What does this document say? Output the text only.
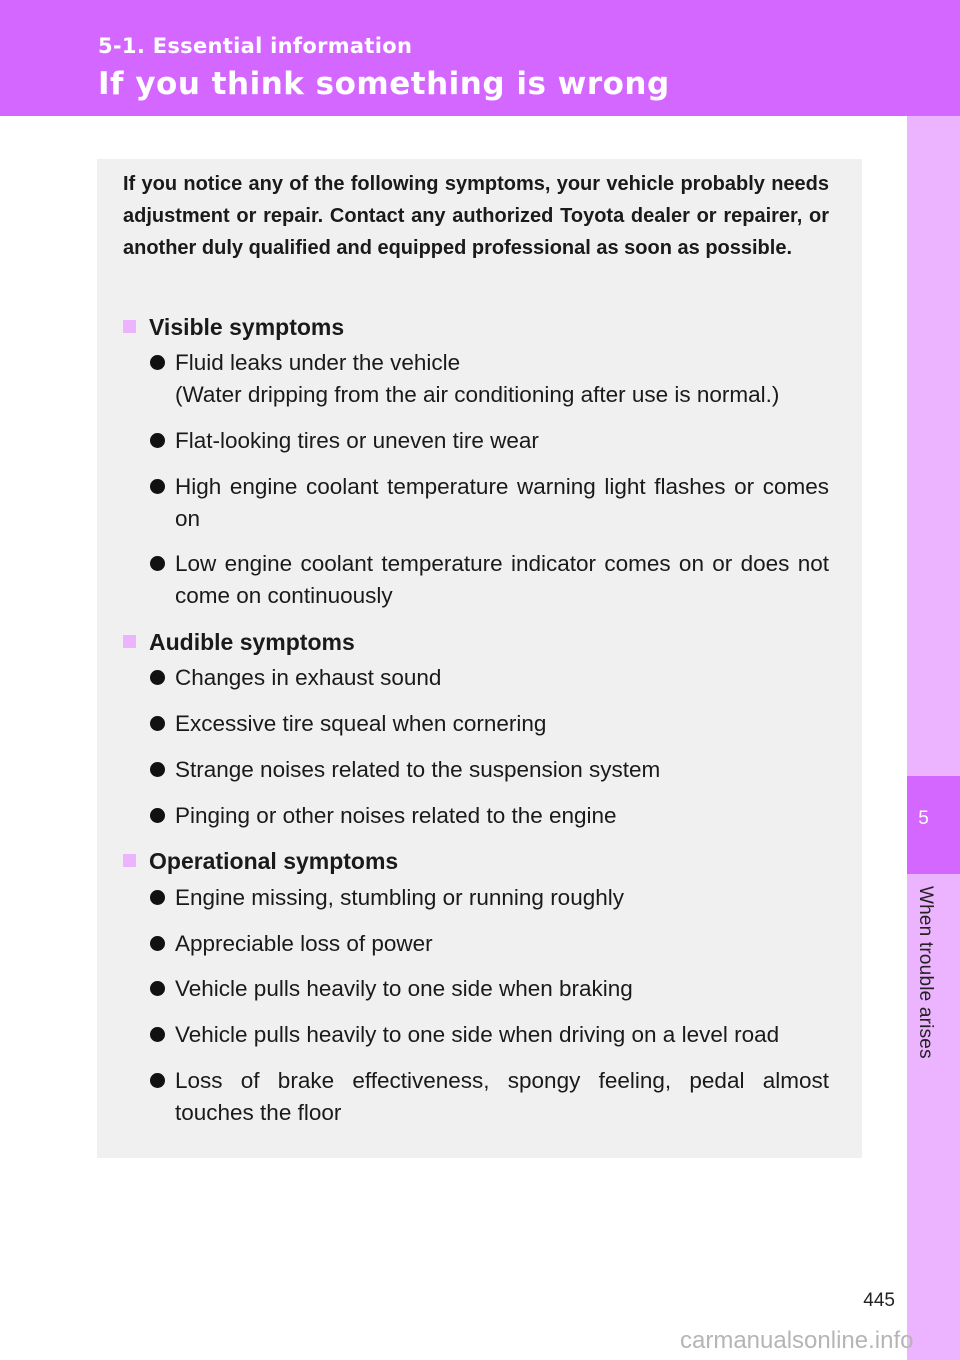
5-1. Essential information
If you think something is wrong
5
When trouble arises
If you notice any of the following symptoms, your vehicle probably needs adjustment or repair. Contact any authorized Toyota dealer or repairer, or another duly qualified and equipped professional as soon as possible.
Visible symptoms
Fluid leaks under the vehicle
(Water dripping from the air conditioning after use is normal.)
Flat-looking tires or uneven tire wear
High engine coolant temperature warning light flashes or comes on
Low engine coolant temperature indicator comes on or does not come on continuously
Audible symptoms
Changes in exhaust sound
Excessive tire squeal when cornering
Strange noises related to the suspension system
Pinging or other noises related to the engine
Operational symptoms
Engine missing, stumbling or running roughly
Appreciable loss of power
Vehicle pulls heavily to one side when braking
Vehicle pulls heavily to one side when driving on a level road
Loss of brake effectiveness, spongy feeling, pedal almost touches the floor
445
carmanualsonline.info
